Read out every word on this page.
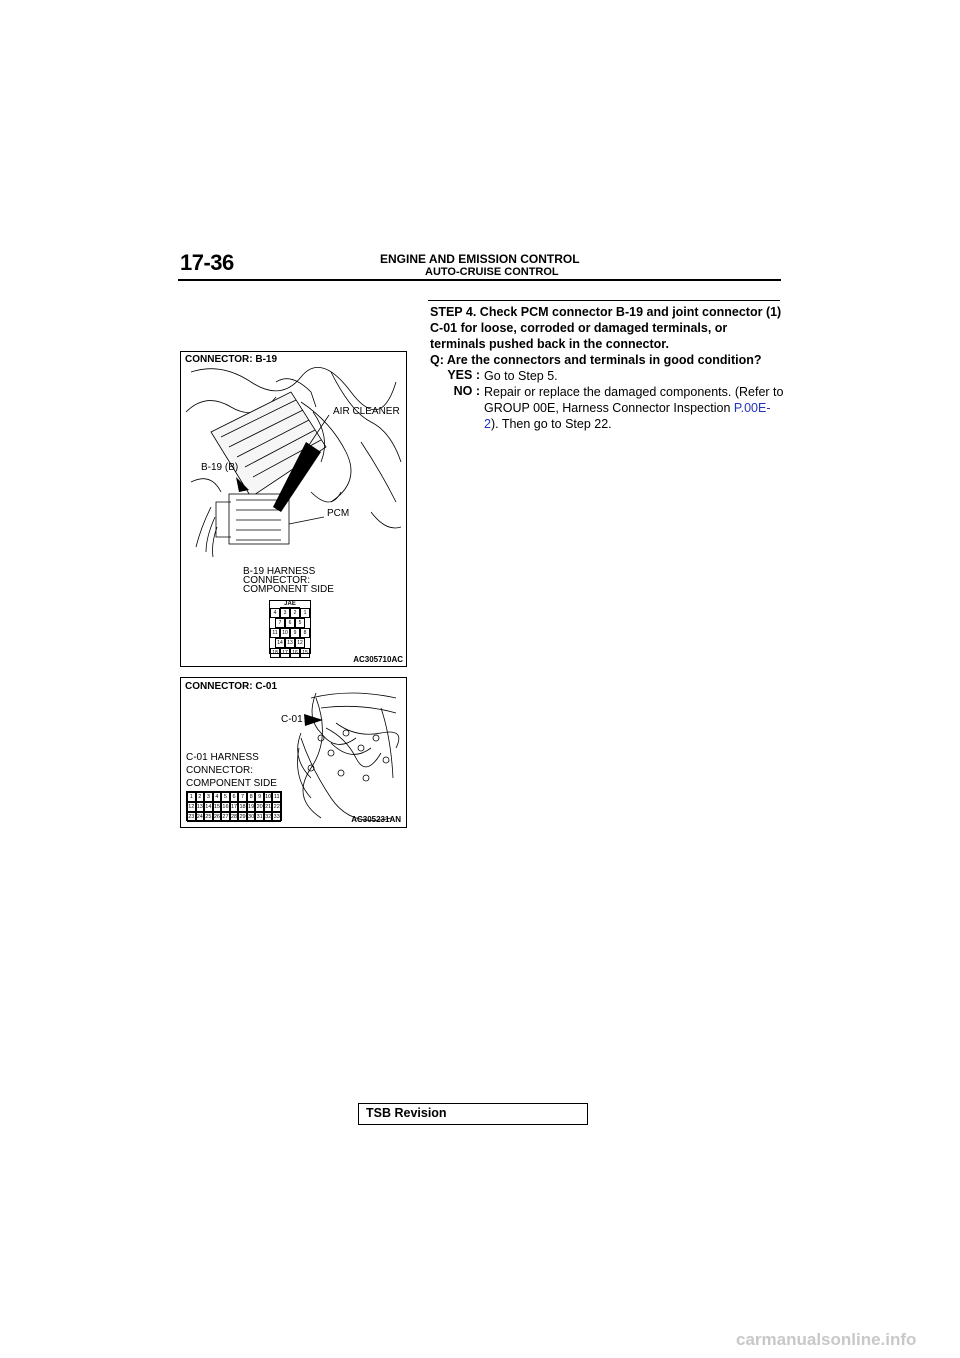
17-36	ENGINE AND EMISSION CONTROL
AUTO-CRUISE CONTROL
STEP 4. Check PCM connector B-19 and joint connector (1) C-01 for loose, corroded or damaged terminals, or terminals pushed back in the connector.
Q: Are the connectors and terminals in good condition?
YES : Go to Step 5.
NO : Repair or replace the damaged components. (Refer to GROUP 00E, Harness Connector Inspection P.00E-2). Then go to Step 22.
CONNECTOR: B-19
AIR CLEANER
B-19 (B)
PCM
B-19 HARNESS
CONNECTOR:
COMPONENT SIDE
JAE
4	3	2	1
7	6	5
11 10	9	8
14 13 12
18 17 16 15
AC305710AC
CONNECTOR: C-01
C-01
C-01 HARNESS
CONNECTOR:
COMPONENT SIDE
1 2 3 4 5 6 7 8 9 10 11
12 13 14 15 16 17 18 19 20 21 22
23 24 25 26 27 28 29 30 31 32 33	AC305231AN
TSB Revision
carmanualsonline.info
